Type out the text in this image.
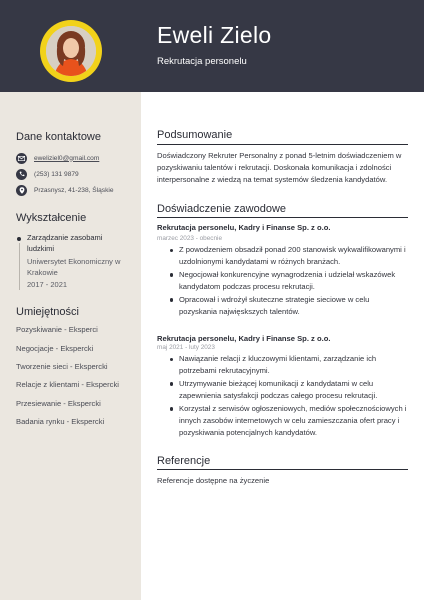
Eweli Zielo
Rekrutacja personelu
Dane kontaktowe
eweliziel0@gmail.com
(253) 131 9879
Przasnysz, 41-238, Śląskie
Wykształcenie
Zarządzanie zasobami ludzkimi
Uniwersytet Ekonomiczny w Krakowie
2017 - 2021
Umiejętności
Pozyskiwanie - Eksperci
Negocjacje - Ekspercki
Tworzenie sieci - Ekspercki
Relacje z klientami - Ekspercki
Przesiewanie - Ekspercki
Badania rynku - Ekspercki
Podsumowanie
Doświadczony Rekruter Personalny z ponad 5-letnim doświadczeniem w pozyskiwaniu talentów i rekrutacji. Doskonała komunikacja i zdolności interpersonalne z wiedzą na temat systemów śledzenia kandydatów.
Doświadczenie zawodowe
Rekrutacja personelu, Kadry i Finanse Sp. z o.o.
marzec 2023 - obecnie
Z powodzeniem obsadził ponad 200 stanowisk wykwalifikowanymi i uzdolnionymi kandydatami w różnych branżach.
Negocjował konkurencyjne wynagrodzenia i udzielał wskazówek kandydatom podczas procesu rekrutacji.
Opracował i wdrożył skuteczne strategie sieciowe w celu pozyskania najwięskszych talentów.
Rekrutacja personelu, Kadry i Finanse Sp. z o.o.
maj 2021 - luty 2023
Nawiązanie relacji z kluczowymi klientami, zarządzanie ich potrzebami rekrutacyjnymi.
Utrzymywanie bieżącej komunikacji z kandydatami w celu zapewnienia satysfakcji podczas całego procesu rekrutacji.
Korzystał z serwisów ogłoszeniowych, mediów społecznościowych i innych zasobów internetowych w celu zamieszczania ofert pracy i pozyskiwania potencjalnych kandydatów.
Referencje
Referencje dostępne na życzenie
